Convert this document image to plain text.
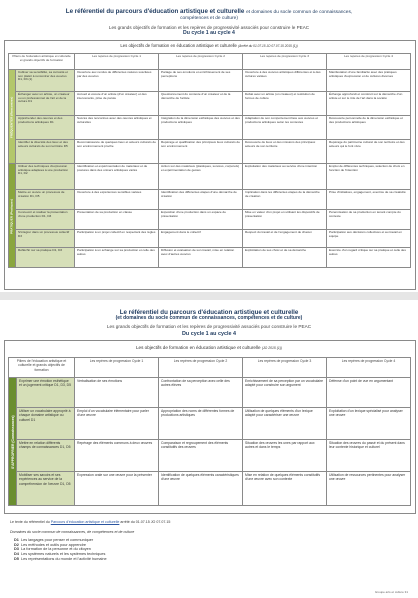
Le référentiel du parcours d'éducation artistique et culturelle et domaines du socle commun de connaissances,
compétences et de culture)
Les grands objectifs de formation et les repères de progressivité associés pour construire le PEAC
Du cycle 1 au cycle 4
Les objectifs de formation en éducation artistique et culturelle (Arrêté du 01.07.15 JO 07.07.15 2015 (1))
Piliers de l'éducation artistique et culturelle et grands objectifs de formation		Les repères de progression Cycle 1	Les repères de progression Cycle 2	Les repères de progression Cycle 3	Les repères de progression Cycle 4
FRÉQUENTER (Rencontres)	Cultiver sa sensibilité, sa curiosité et son plaisir à rencontrer des œuvres D1, D3 (1)	Ouverture aux rendus de différentes natures suscitées par des œuvres	Partage de ses émotions et enrichissement de ses perceptions	Ouverture à des œuvres artistiques différentes et à des cultures variées	Manifestation d'une familiarité avec des pratiques artistiques d'expression et de cultures diverses
	Échanger avec un artiste, un créateur ou un professionnel de l'art et de la culture D1	Accueil et écoute d'un artiste (d'un créateur) et des intervenants, prise de parole	Questionnement du contexte d'un créateur et de la démarche de l'artiste	Débat avec un artiste (un créateur) et restitution de formes de culture	Échange approfondi et construit sur la démarche d'un artiste et sur le rôle de l'art dans la société
	Appréhender des œuvres et des productions artistiques D1	Succès des rencontres avec des œuvres artistiques et culturelles	Intégration de la dimension esthétique des œuvres et des productions artistiques	Adaptation de son comportement face aux œuvres et productions artistiques selon les contextes	Découverte personnelle de la dimension esthétique et des productions artistiques
	Identifier la diversité des lieux et des acteurs culturels de son territoire D5	Reconnaissance de quelques lieux et acteurs culturels de son environnement proche	Repérage et qualification des principaux lieux culturels de son environnement	Découverte de lieux et des missions des principaux acteurs de son territoire	Repérage du patrimoine culturel de son territoire et des acteurs qui le font vivre
PRATIQUER (Pratiques)	Utiliser des techniques d'expression artistique adaptées à une production D1, D2	Identification et expérimentation de matériaux et de postures dans des univers artistiques variés	Action sur des matériaux (plastiques, sonores, corporels) et expérimentation de gestes	Exploitation des matériaux au service d'une intention	Emploi de différentes techniques, sélection de choix en fonction de l'intention
	Mettre en œuvre un processus de création D1, D5	Ouverture à des expériences sensibles variées	Identification des différentes étapes d'une démarche de création	Implication dans les différentes étapes de la démarche de création	Prise d'initiatives, engagement, exercice de sa créativité
	Concevoir et réaliser la présentation d'une production D1, D3	Présentation de sa production en classe	Exposition d'une production dans un espace de présentation	Mise en valeur d'un projet en utilisant les dispositifs de présentation	Pérennisation de sa production en tenant compte du contexte
	S'intégrer dans un processus collectif D3	Participation à un projet collectif en respectant des règles	Engagement dans le collectif	Respect du travail et de l'engagement de chacun	Participation aux décisions collectives et au travail en équipe
	Réfléchir sur sa pratique D1, D3	Participation à un échange sur sa production et celle des autres	Diffusion et évaluation de son travail, mise en relation avec d'autres œuvres	Explicitation de ses choix et de sa démarche	Exercice d'un regard critique sur sa pratique et celle des autres
Le référentiel du parcours d'éducation artistique et culturelle
(et domaines du socle commun de connaissances, compétences et de culture)
Les grands objectifs de formation et les repères de progressivité associés pour construire le PEAC
Du cycle 1 au cycle 4
Les objectifs de formation en éducation artistique et culturelle (JO 2015 (1))
Piliers de l'éducation artistique et culturelle et grands objectifs de formation		Les repères de progression Cycle 1	Les repères de progression Cycle 2	Les repères de progression Cycle 3	Les repères de progression Cycle 4
S'APPROPRIER (Connaissances)	Exprimer une émotion esthétique et un jugement critique D1, D3, D5	Verbalisation de ses émotions	Confrontation de sa perception avec celle des autres élèves	Enrichissement de sa perception par un vocabulaire adapté pour construire son argument	Défense d'un point de vue en argumentant
	Utiliser un vocabulaire approprié à chaque domaine artistique ou culturel D1	Emploi d'un vocabulaire élémentaire pour parler d'une œuvre	Appropriation des noms de différentes formes de productions artistiques	Utilisation de quelques éléments d'un lexique adapté pour caractériser une œuvre	Exploitation d'un lexique spécialisé pour analyser une œuvre
	Mettre en relation différents champs de connaissances D1, D5	Repérage des éléments communs à deux œuvres	Comparaison et regroupement des éléments constitutifs des œuvres	Situation des œuvres les unes par rapport aux autres et dans le temps	Situation des œuvres du passé et du présent dans leur contexte historique et culturel
	Mobiliser ses savoirs et ses expériences au service de la compréhension de l'œuvre D1, D5	Expression orale sur une œuvre pour la présenter	Identification de quelques éléments caractéristiques d'une œuvre	Mise en relation de quelques éléments constitutifs d'une œuvre avec son contexte	Utilisation de ressources pertinentes pour analyser une œuvre
Le texte du référentiel du Parcours d'éducation artistique et culturelle arrêté du 01.07.15 JO 07.07.15
Domaines du socle commun de connaissances, de compétences et de culture
D1 Les langages pour penser et communiquer
D2 Les méthodes et outils pour apprendre
D3 La formation de la personne et du citoyen
D4 Les systèmes naturels et les systèmes techniques
D5 Les représentations du monde et l'activité humaine
Groupe arts et culture 31
